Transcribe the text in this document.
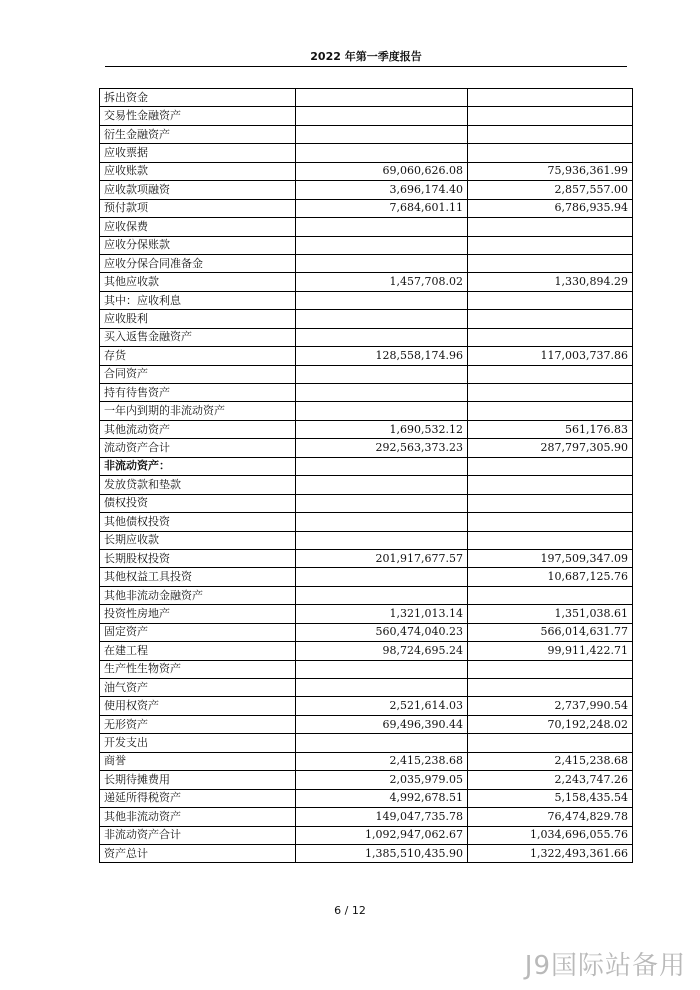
2022 年第一季度报告
拆出资金		
交易性金融资产		
衍生金融资产		
应收票据		
应收账款	69,060,626.08	75,936,361.99
应收款项融资	3,696,174.40	2,857,557.00
预付款项	7,684,601.11	6,786,935.94
应收保费		
应收分保账款		
应收分保合同准备金		
其他应收款	1,457,708.02	1,330,894.29
其中：应收利息		
应收股利		
买入返售金融资产		
存货	128,558,174.96	117,003,737.86
合同资产		
持有待售资产		
一年内到期的非流动资产		
其他流动资产	1,690,532.12	561,176.83
流动资产合计	292,563,373.23	287,797,305.90
非流动资产：		
发放贷款和垫款		
债权投资		
其他债权投资		
长期应收款		
长期股权投资	201,917,677.57	197,509,347.09
其他权益工具投资		10,687,125.76
其他非流动金融资产		
投资性房地产	1,321,013.14	1,351,038.61
固定资产	560,474,040.23	566,014,631.77
在建工程	98,724,695.24	99,911,422.71
生产性生物资产		
油气资产		
使用权资产	2,521,614.03	2,737,990.54
无形资产	69,496,390.44	70,192,248.02
开发支出		
商誉	2,415,238.68	2,415,238.68
长期待摊费用	2,035,979.05	2,243,747.26
递延所得税资产	4,992,678.51	5,158,435.54
其他非流动资产	149,047,735.78	76,474,829.78
非流动资产合计	1,092,947,062.67	1,034,696,055.76
资产总计	1,385,510,435.90	1,322,493,361.66
6 / 12
J9国际站备用
